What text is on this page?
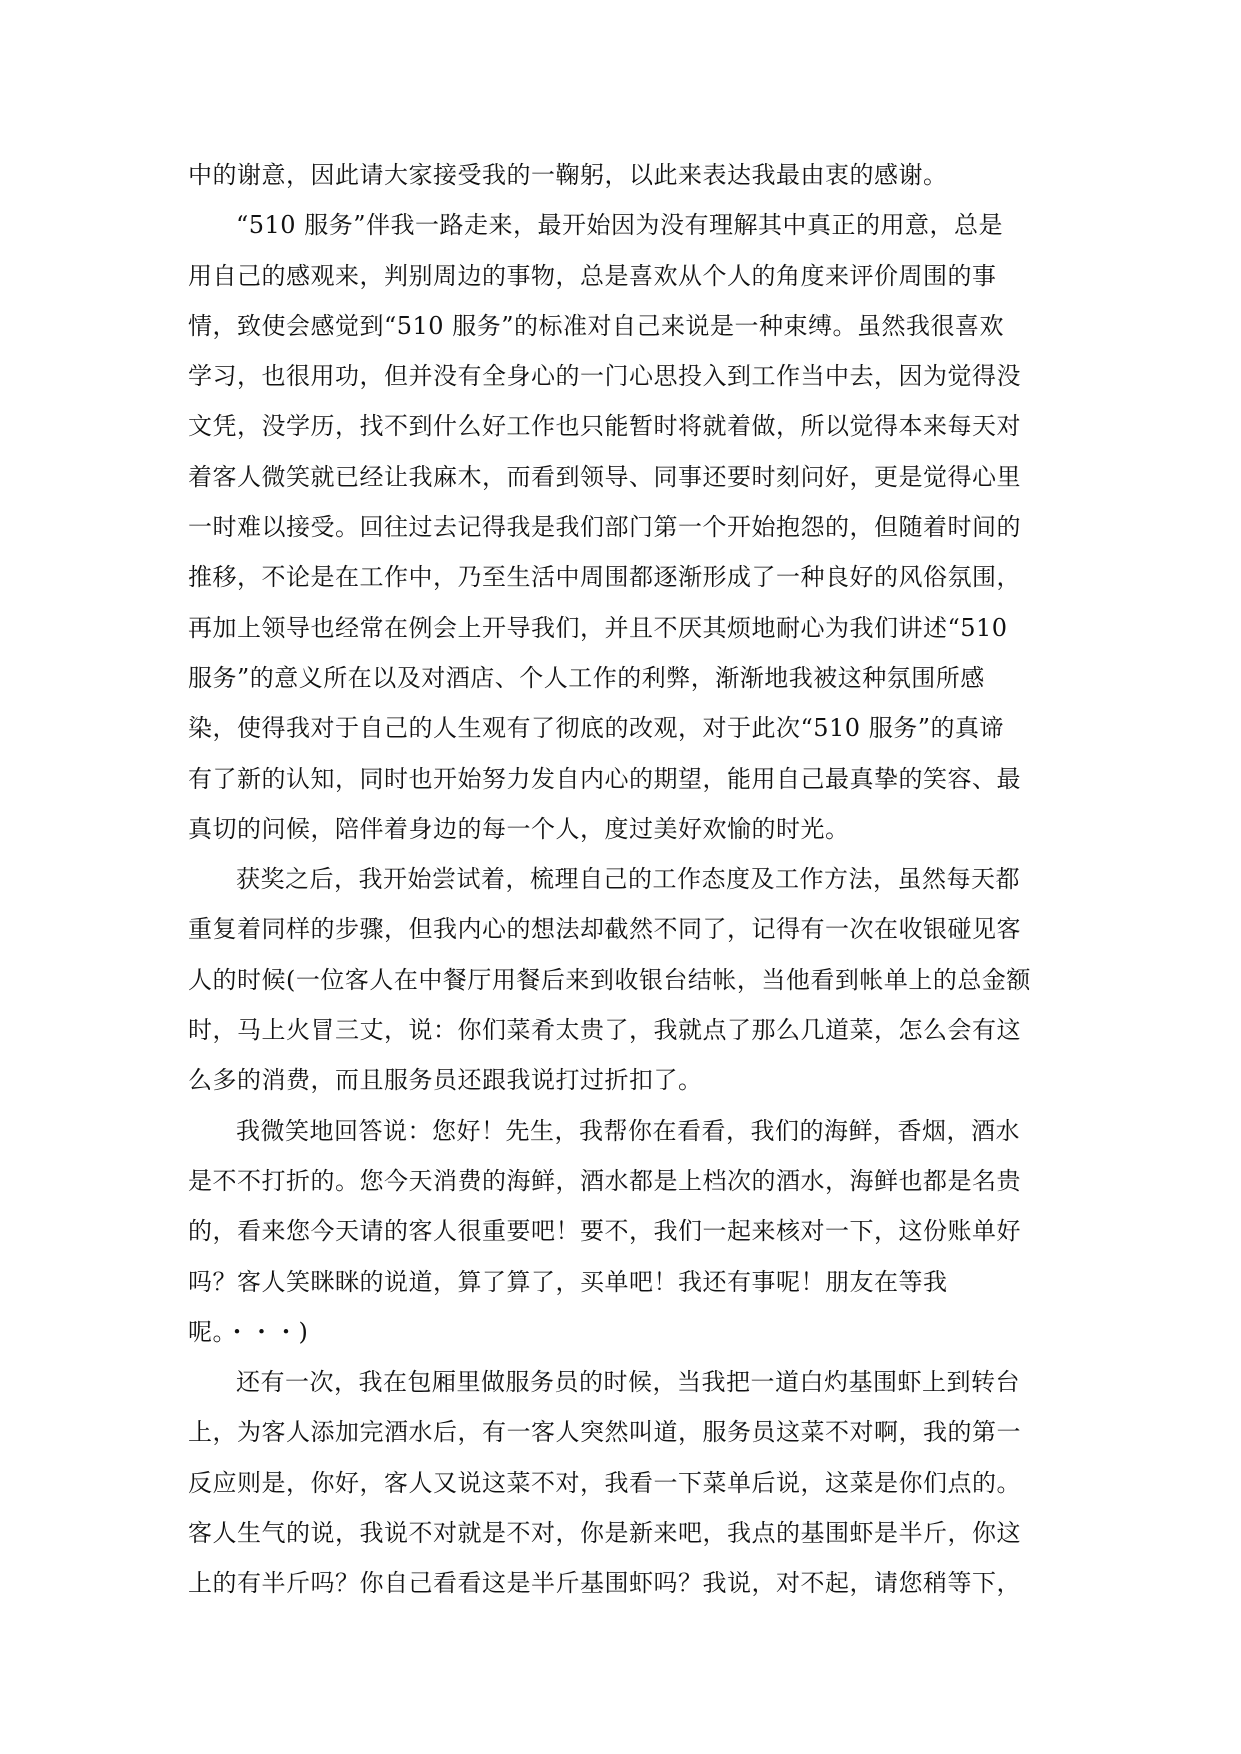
中的谢意，因此请大家接受我的一鞠躬，以此来表达我最由衷的感谢。
“510 服务”伴我一路走来，最开始因为没有理解其中真正的用意，总是
用自己的感观来，判别周边的事物，总是喜欢从个人的角度来评价周围的事
情，致使会感觉到“510 服务”的标准对自己来说是一种束缚。虽然我很喜欢
学习，也很用功，但并没有全身心的一门心思投入到工作当中去，因为觉得没
文凭，没学历，找不到什么好工作也只能暂时将就着做，所以觉得本来每天对
着客人微笑就已经让我麻木，而看到领导、同事还要时刻问好，更是觉得心里
一时难以接受。回往过去记得我是我们部门第一个开始抱怨的，但随着时间的
推移，不论是在工作中，乃至生活中周围都逐渐形成了一种良好的风俗氛围，
再加上领导也经常在例会上开导我们，并且不厌其烦地耐心为我们讲述“510
服务”的意义所在以及对酒店、个人工作的利弊，渐渐地我被这种氛围所感
染，使得我对于自己的人生观有了彻底的改观，对于此次“510 服务”的真谛
有了新的认知，同时也开始努力发自内心的期望，能用自己最真挚的笑容、最
真切的问候，陪伴着身边的每一个人，度过美好欢愉的时光。
获奖之后，我开始尝试着，梳理自己的工作态度及工作方法，虽然每天都
重复着同样的步骤，但我内心的想法却截然不同了，记得有一次在收银碰见客
人的时候(一位客人在中餐厅用餐后来到收银台结帐，当他看到帐单上的总金额
时，马上火冒三丈，说：你们菜肴太贵了，我就点了那么几道菜，怎么会有这
么多的消费，而且服务员还跟我说打过折扣了。
我微笑地回答说：您好！先生，我帮你在看看，我们的海鲜，香烟，酒水
是不不打折的。您今天消费的海鲜，酒水都是上档次的酒水，海鲜也都是名贵
的，看来您今天请的客人很重要吧！要不，我们一起来核对一下，这份账单好
吗？客人笑眯眯的说道，算了算了，买单吧！我还有事呢！朋友在等我
呢。・・・)
还有一次，我在包厢里做服务员的时候，当我把一道白灼基围虾上到转台
上，为客人添加完酒水后，有一客人突然叫道，服务员这菜不对啊，我的第一
反应则是，你好，客人又说这菜不对，我看一下菜单后说，这菜是你们点的。
客人生气的说，我说不对就是不对，你是新来吧，我点的基围虾是半斤，你这
上的有半斤吗？你自己看看这是半斤基围虾吗？我说，对不起，请您稍等下，
